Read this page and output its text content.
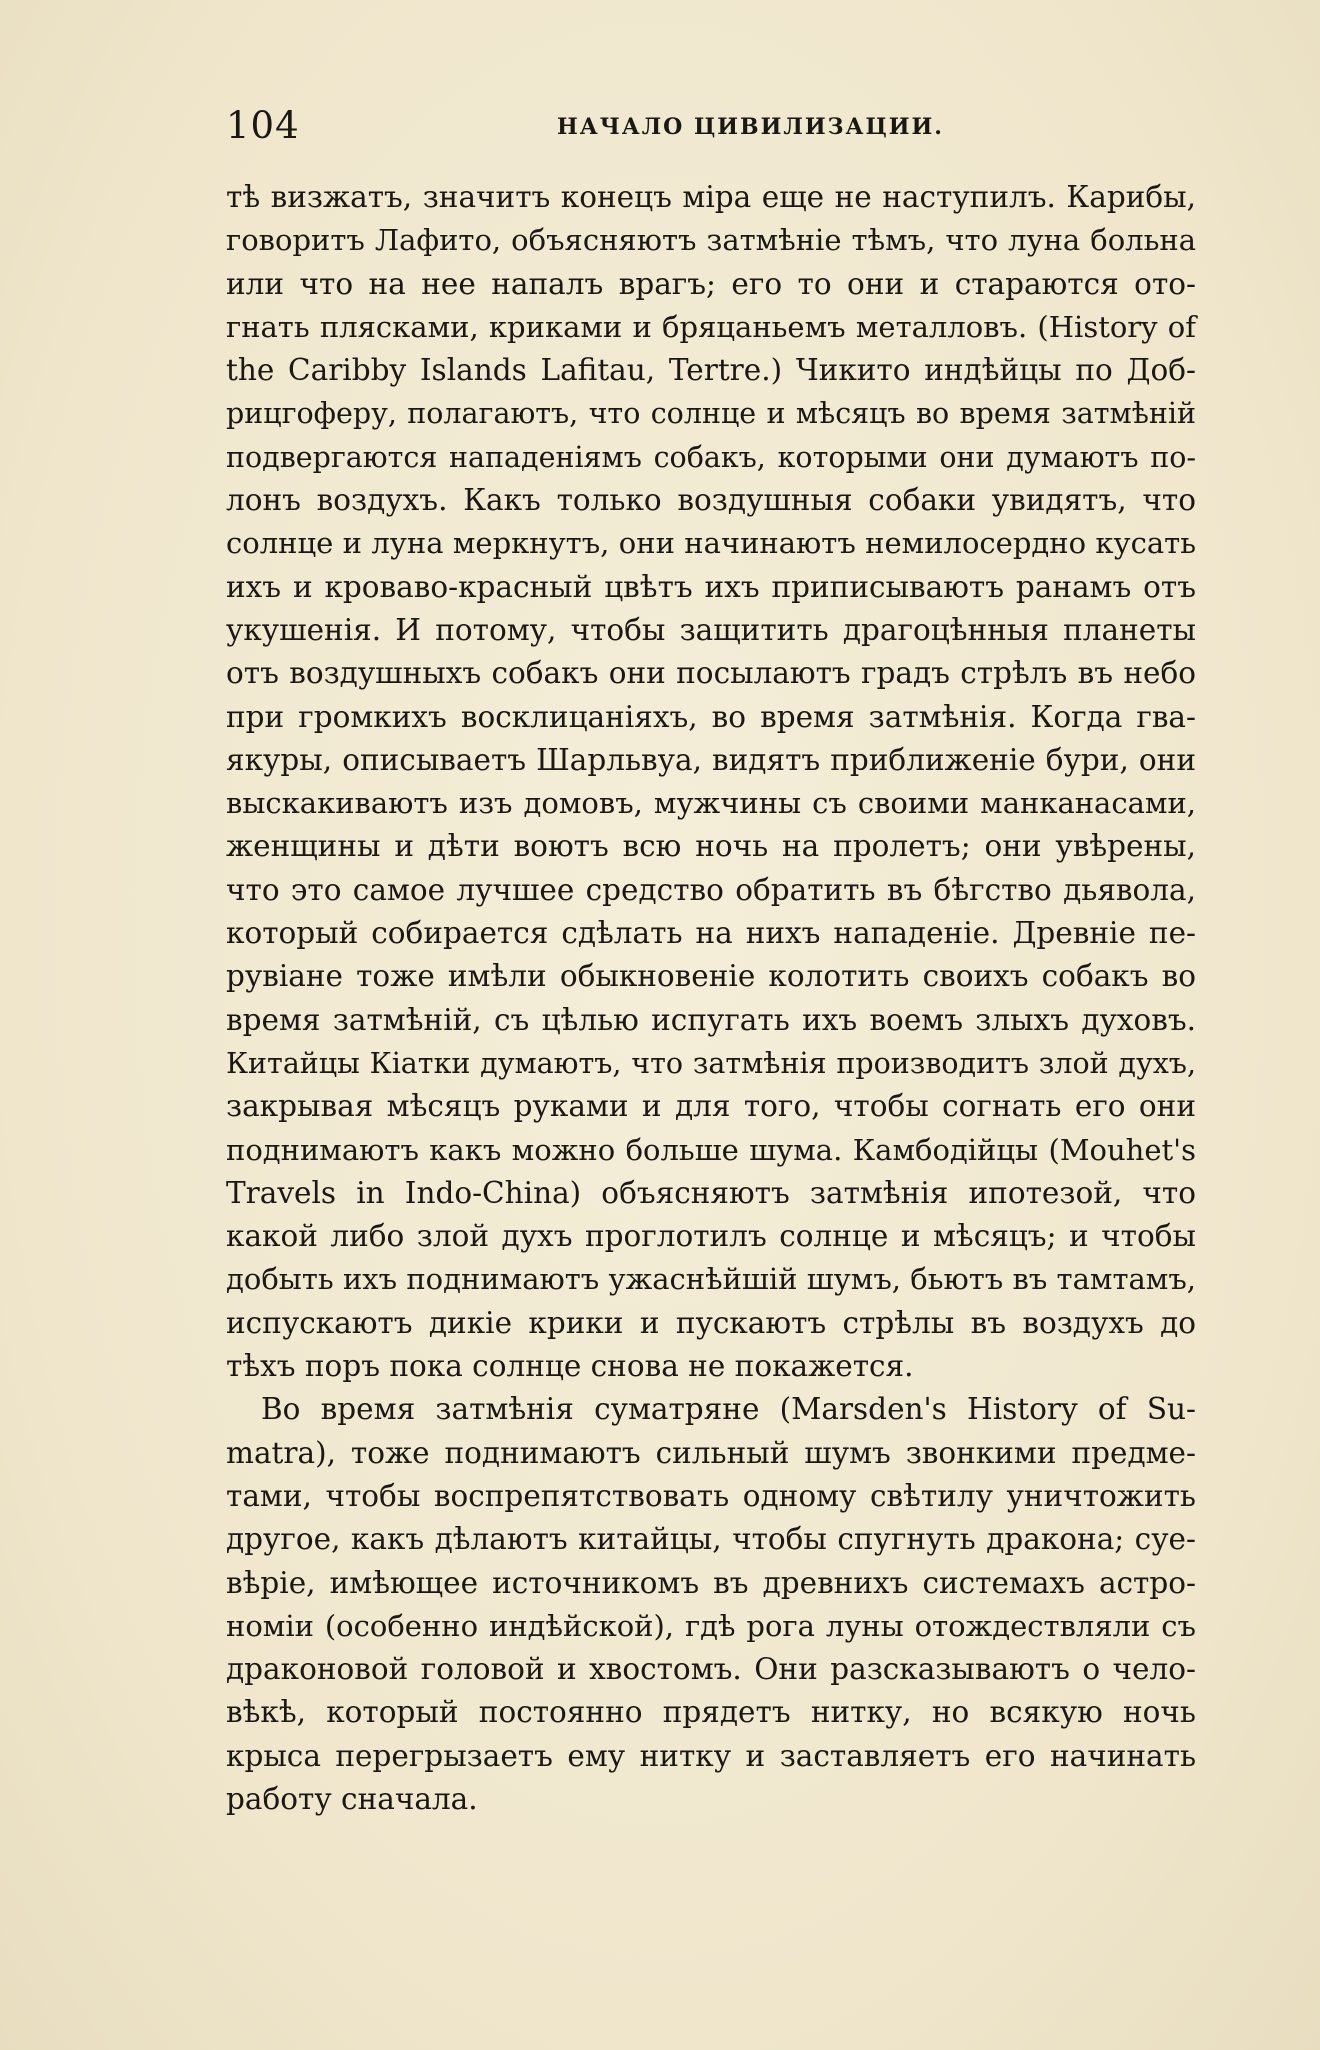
104	НАЧАЛО ЦИВИЛИЗАЦИИ.
тѣ визжатъ, значитъ конецъ міра еще не наступилъ. Карибы,
говоритъ Лафито, объясняютъ затмѣніе тѣмъ, что луна больна
или что на нее напалъ врагъ; его то они и стараются ото-
гнать плясками, криками и бряцаньемъ металловъ. (History of
the Caribby Islands Lafitau, Tertre.) Чикито индѣйцы по Доб-
рицгоферу, полагаютъ, что солнце и мѣсяцъ во время затмѣній
подвергаются нападеніямъ собакъ, которыми они думаютъ по-
лонъ воздухъ. Какъ только воздушныя собаки увидятъ, что
солнце и луна меркнутъ, они начинаютъ немилосердно кусать
ихъ и кроваво-красный цвѣтъ ихъ приписываютъ ранамъ отъ
укушенія. И потому, чтобы защитить драгоцѣнныя планеты
отъ воздушныхъ собакъ они посылаютъ градъ стрѣлъ въ небо
при громкихъ восклицаніяхъ, во время затмѣнія. Когда гва-
якуры, описываетъ Шарльвуа, видятъ приближеніе бури, они
выскакиваютъ изъ домовъ, мужчины съ своими манканасами,
женщины и дѣти воютъ всю ночь на пролетъ; они увѣрены,
что это самое лучшее средство обратить въ бѣгство дьявола,
который собирается сдѣлать на нихъ нападеніе. Древніе пе-
рувіане тоже имѣли обыкновеніе колотить своихъ собакъ во
время затмѣній, съ цѣлью испугать ихъ воемъ злыхъ духовъ.
Китайцы Кіатки думаютъ, что затмѣнія производитъ злой духъ,
закрывая мѣсяцъ руками и для того, чтобы согнать его они
поднимаютъ какъ можно больше шума. Камбодійцы (Mouhet's
Travels in Indo-China) объясняютъ затмѣнія ипотезой, что
какой либо злой духъ проглотилъ солнце и мѣсяцъ; и чтобы
добыть ихъ поднимаютъ ужаснѣйшій шумъ, бьютъ въ тамтамъ,
испускаютъ дикіе крики и пускаютъ стрѣлы въ воздухъ до
тѣхъ поръ пока солнце снова не покажется.
Во время затмѣнія суматряне (Marsden's History of Su-
matra), тоже поднимаютъ сильный шумъ звонкими предме-
тами, чтобы воспрепятствовать одному свѣтилу уничтожить
другое, какъ дѣлаютъ китайцы, чтобы спугнуть дракона; суе-
вѣріе, имѣющее источникомъ въ древнихъ системахъ астро-
номіи (особенно индѣйской), гдѣ рога луны отождествляли съ
драконовой головой и хвостомъ. Они разсказываютъ о чело-
вѣкѣ, который постоянно прядетъ нитку, но всякую ночь
крыса перегрызаетъ ему нитку и заставляетъ его начинать
работу сначала.
